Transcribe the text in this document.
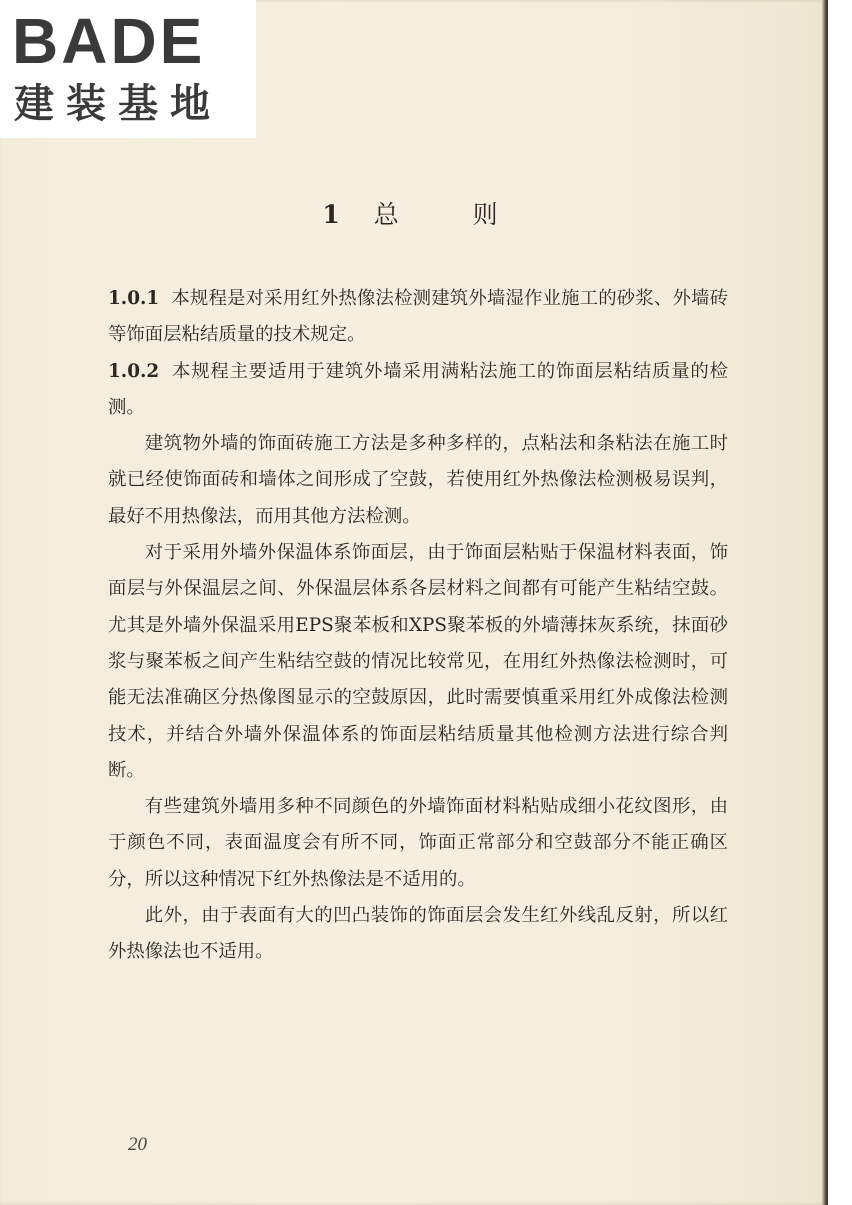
BADE
建装基地
1 总	则

1.0.1 本规程是对采用红外热像法检测建筑外墙湿作业施工的砂浆、外墙砖等饰面层粘结质量的技术规定。

1.0.2 本规程主要适用于建筑外墙采用满粘法施工的饰面层粘结质量的检测。

建筑物外墙的饰面砖施工方法是多种多样的，点粘法和条粘法在施工时就已经使饰面砖和墙体之间形成了空鼓，若使用红外热像法检测极易误判，最好不用热像法，而用其他方法检测。

对于采用外墙外保温体系饰面层，由于饰面层粘贴于保温材料表面，饰面层与外保温层之间、外保温层体系各层材料之间都有可能产生粘结空鼓。尤其是外墙外保温采用EPS聚苯板和XPS聚苯板的外墙薄抹灰系统，抹面砂浆与聚苯板之间产生粘结空鼓的情况比较常见，在用红外热像法检测时，可能无法准确区分热像图显示的空鼓原因，此时需要慎重采用红外成像法检测技术，并结合外墙外保温体系的饰面层粘结质量其他检测方法进行综合判断。

有些建筑外墙用多种不同颜色的外墙饰面材料粘贴成细小花纹图形，由于颜色不同，表面温度会有所不同，饰面正常部分和空鼓部分不能正确区分，所以这种情况下红外热像法是不适用的。

此外，由于表面有大的凹凸装饰的饰面层会发生红外线乱反射，所以红外热像法也不适用。

20
